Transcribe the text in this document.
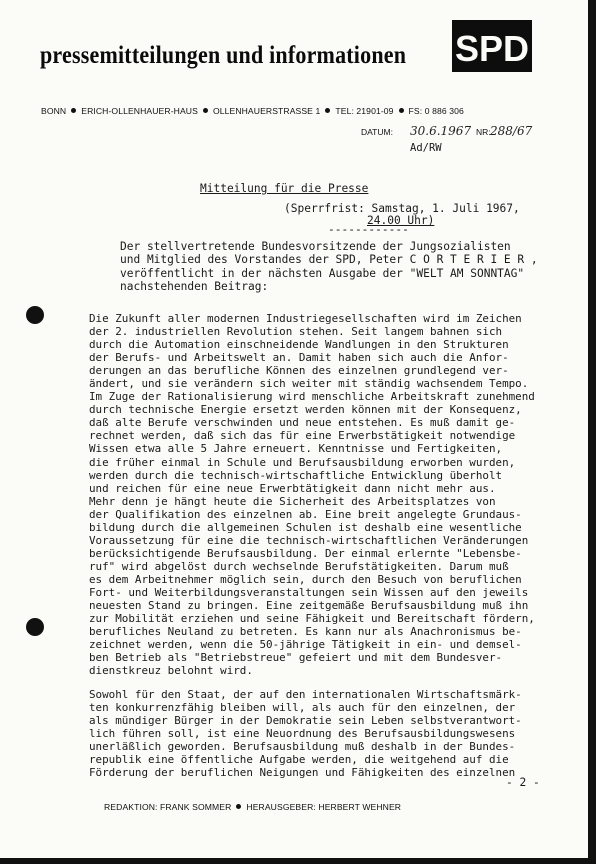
pressemitteilungen und informationen SPD
BONN ERICH-OLLENHAUER-HAUS OLLENHAUERSTRASSE 1 TEL: 21901-09 FS: 0 886 306
DATUM: 30.6.1967 NR: 288/67
Ad/RW
Mitteilung für die Presse
(Sperrfrist: Samstag, 1. Juli 1967,
24.00 Uhr)
------------
Der stellvertretende Bundesvorsitzende der Jungsozialisten
und Mitglied des Vorstandes der SPD, Peter C O R T E R I E R ,
veröffentlicht in der nächsten Ausgabe der "WELT AM SONNTAG"
nachstehenden Beitrag:
Die Zukunft aller modernen Industriegesellschaften wird im Zeichen
der 2. industriellen Revolution stehen. Seit langem bahnen sich
durch die Automation einschneidende Wandlungen in den Strukturen
der Berufs- und Arbeitswelt an. Damit haben sich auch die Anfor-
derungen an das berufliche Können des einzelnen grundlegend ver-
ändert, und sie verändern sich weiter mit ständig wachsendem Tempo.
Im Zuge der Rationalisierung wird menschliche Arbeitskraft zunehmend
durch technische Energie ersetzt werden können mit der Konsequenz,
daß alte Berufe verschwinden und neue entstehen. Es muß damit ge-
rechnet werden, daß sich das für eine Erwerbstätigkeit notwendige
Wissen etwa alle 5 Jahre erneuert. Kenntnisse und Fertigkeiten,
die früher einmal in Schule und Berufsausbildung erworben wurden,
werden durch die technisch-wirtschaftliche Entwicklung überholt
und reichen für eine neue Erwerbtätigkeit dann nicht mehr aus.
Mehr denn je hängt heute die Sicherheit des Arbeitsplatzes von
der Qualifikation des einzelnen ab. Eine breit angelegte Grundaus-
bildung durch die allgemeinen Schulen ist deshalb eine wesentliche
Voraussetzung für eine die technisch-wirtschaftlichen Veränderungen
berücksichtigende Berufsausbildung. Der einmal erlernte "Lebensbe-
ruf" wird abgelöst durch wechselnde Berufstätigkeiten. Darum muß
es dem Arbeitnehmer möglich sein, durch den Besuch von beruflichen
Fort- und Weiterbildungsveranstaltungen sein Wissen auf den jeweils
neuesten Stand zu bringen. Eine zeitgemäße Berufsausbildung muß ihn
zur Mobilität erziehen und seine Fähigkeit und Bereitschaft fördern,
berufliches Neuland zu betreten. Es kann nur als Anachronismus be-
zeichnet werden, wenn die 50-jährige Tätigkeit in ein- und demsel-
ben Betrieb als "Betriebstreue" gefeiert und mit dem Bundesver-
dienstkreuz belohnt wird.
Sowohl für den Staat, der auf den internationalen Wirtschaftsmärk-
ten konkurrenzfähig bleiben will, als auch für den einzelnen, der
als mündiger Bürger in der Demokratie sein Leben selbstverantwort-
lich führen soll, ist eine Neuordnung des Berufsausbildungswesens
unerläßlich geworden. Berufsausbildung muß deshalb in der Bundes-
republik eine öffentliche Aufgabe werden, die weitgehend auf die
Förderung der beruflichen Neigungen und Fähigkeiten des einzelnen
- 2 -
REDAKTION: FRANK SOMMER HERAUSGEBER: HERBERT WEHNER
